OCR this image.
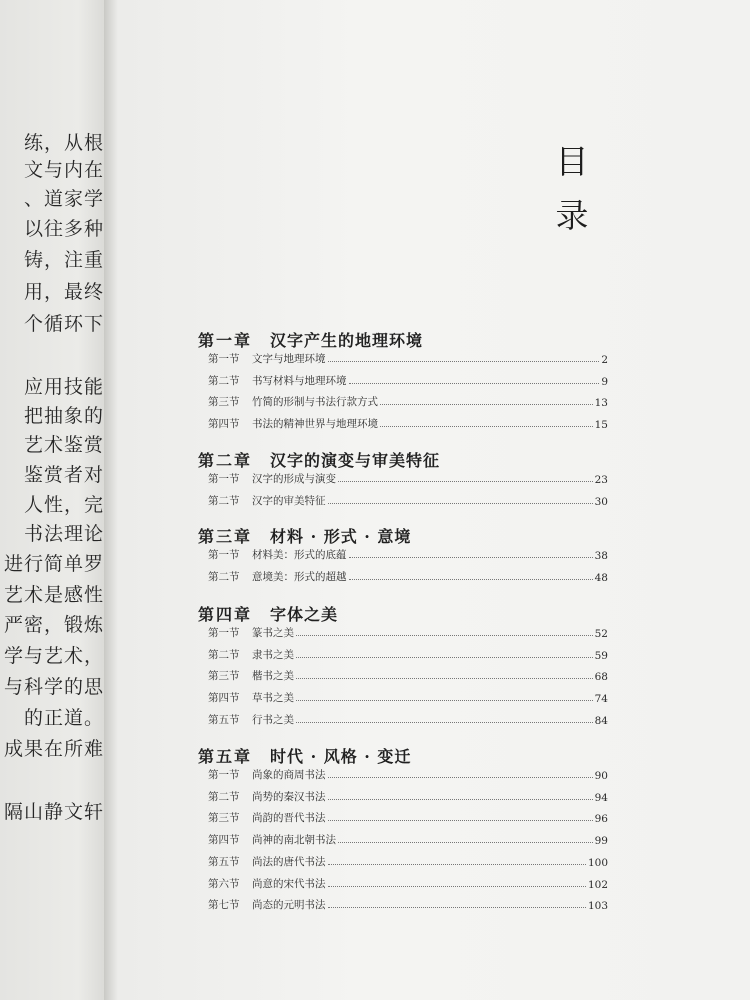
练，从根
文与内在
、道家学
以往多种
铸，注重
用，最终
个循环下
应用技能
把抽象的
艺术鉴赏
鉴赏者对
人性，完
书法理论
进行简单罗
艺术是感性
严密，锻炼
学与艺术，
与科学的思
的正道。
成果在所难
隔山静文轩
目录
第一章 汉字产生的地理环境
第一节	文字与地理环境	2
第二节	书写材料与地理环境	9
第三节	竹简的形制与书法行款方式	13
第四节	书法的精神世界与地理环境	15
第二章 汉字的演变与审美特征
第一节	汉字的形成与演变	23
第二节	汉字的审美特征	30
第三章 材料 · 形式 · 意境
第一节	材料美：形式的底蕴	38
第二节	意境美：形式的超越	48
第四章 字体之美
第一节	篆书之美	52
第二节	隶书之美	59
第三节	楷书之美	68
第四节	草书之美	74
第五节	行书之美	84
第五章 时代 · 风格 · 变迁
第一节	尚象的商周书法	90
第二节	尚势的秦汉书法	94
第三节	尚韵的晋代书法	96
第四节	尚神的南北朝书法	99
第五节	尚法的唐代书法	100
第六节	尚意的宋代书法	102
第七节	尚态的元明书法	103
